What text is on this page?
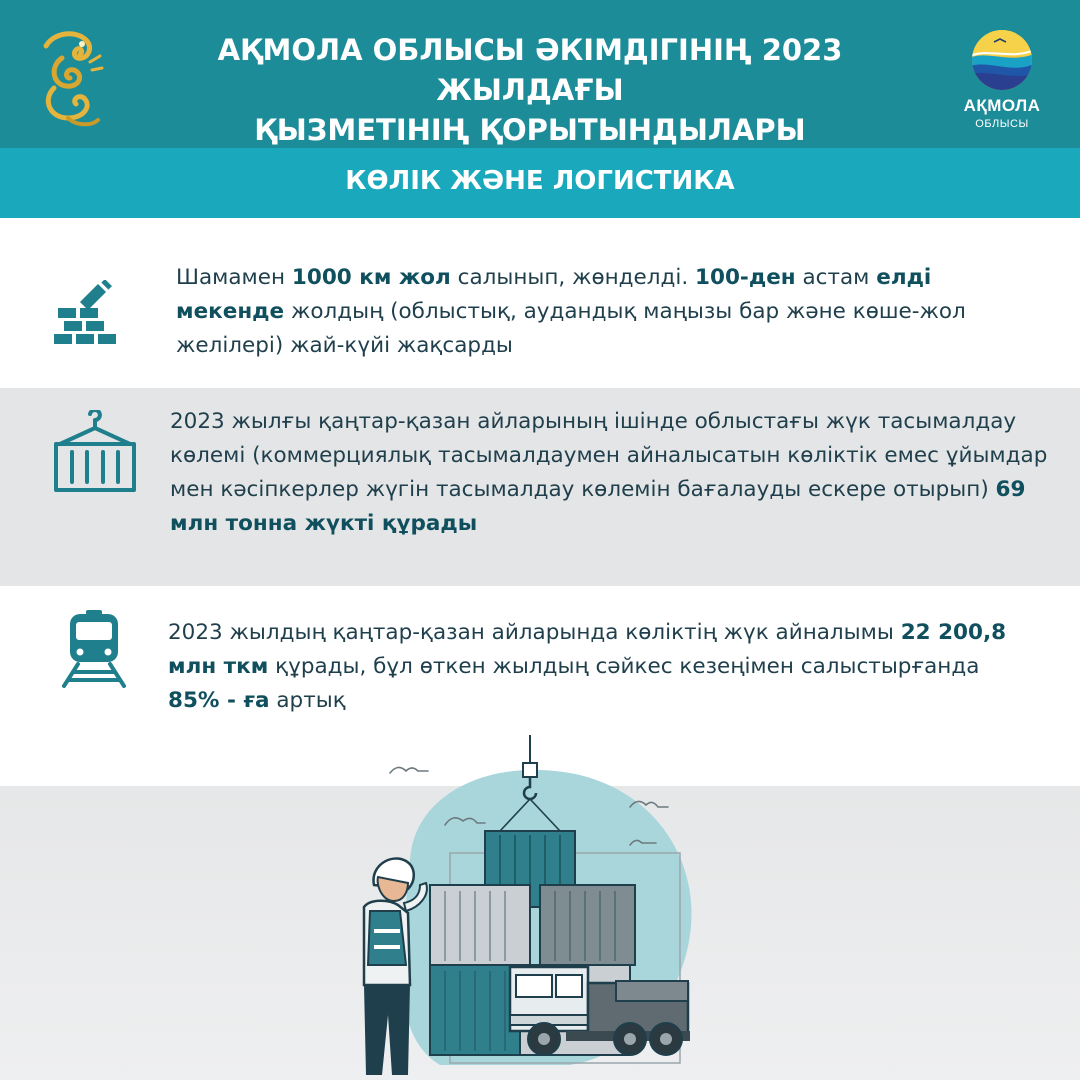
АҚМОЛА ОБЛЫСЫ ӘКІМДІГІНІҢ 2023 ЖЫЛДАҒЫ
ҚЫЗМЕТІНІҢ ҚОРЫТЫНДЫЛАРЫ
АҚМОЛА
ОБЛЫСЫ
КӨЛІК ЖӘНЕ ЛОГИСТИКА
Шамамен 1000 км жол салынып, жөнделді. 100-ден астам елді мекенде жолдың (облыстық, аудандық маңызы бар және көше-жол желілері) жай-күйі жақсарды
2023 жылғы қаңтар-қазан айларының ішінде облыстағы жүк тасымалдау көлемі (коммерциялық тасымалдаумен айналысатын көліктік емес ұйымдар мен кәсіпкерлер жүгін тасымалдау көлемін бағалауды ескере отырып) 69 млн тонна жүкті құрады
2023 жылдың қаңтар-қазан айларында көліктің жүк айналымы 22 200,8 млн ткм құрады, бұл өткен жылдың сәйкес кезеңімен салыстырғанда 85% - ға артық
